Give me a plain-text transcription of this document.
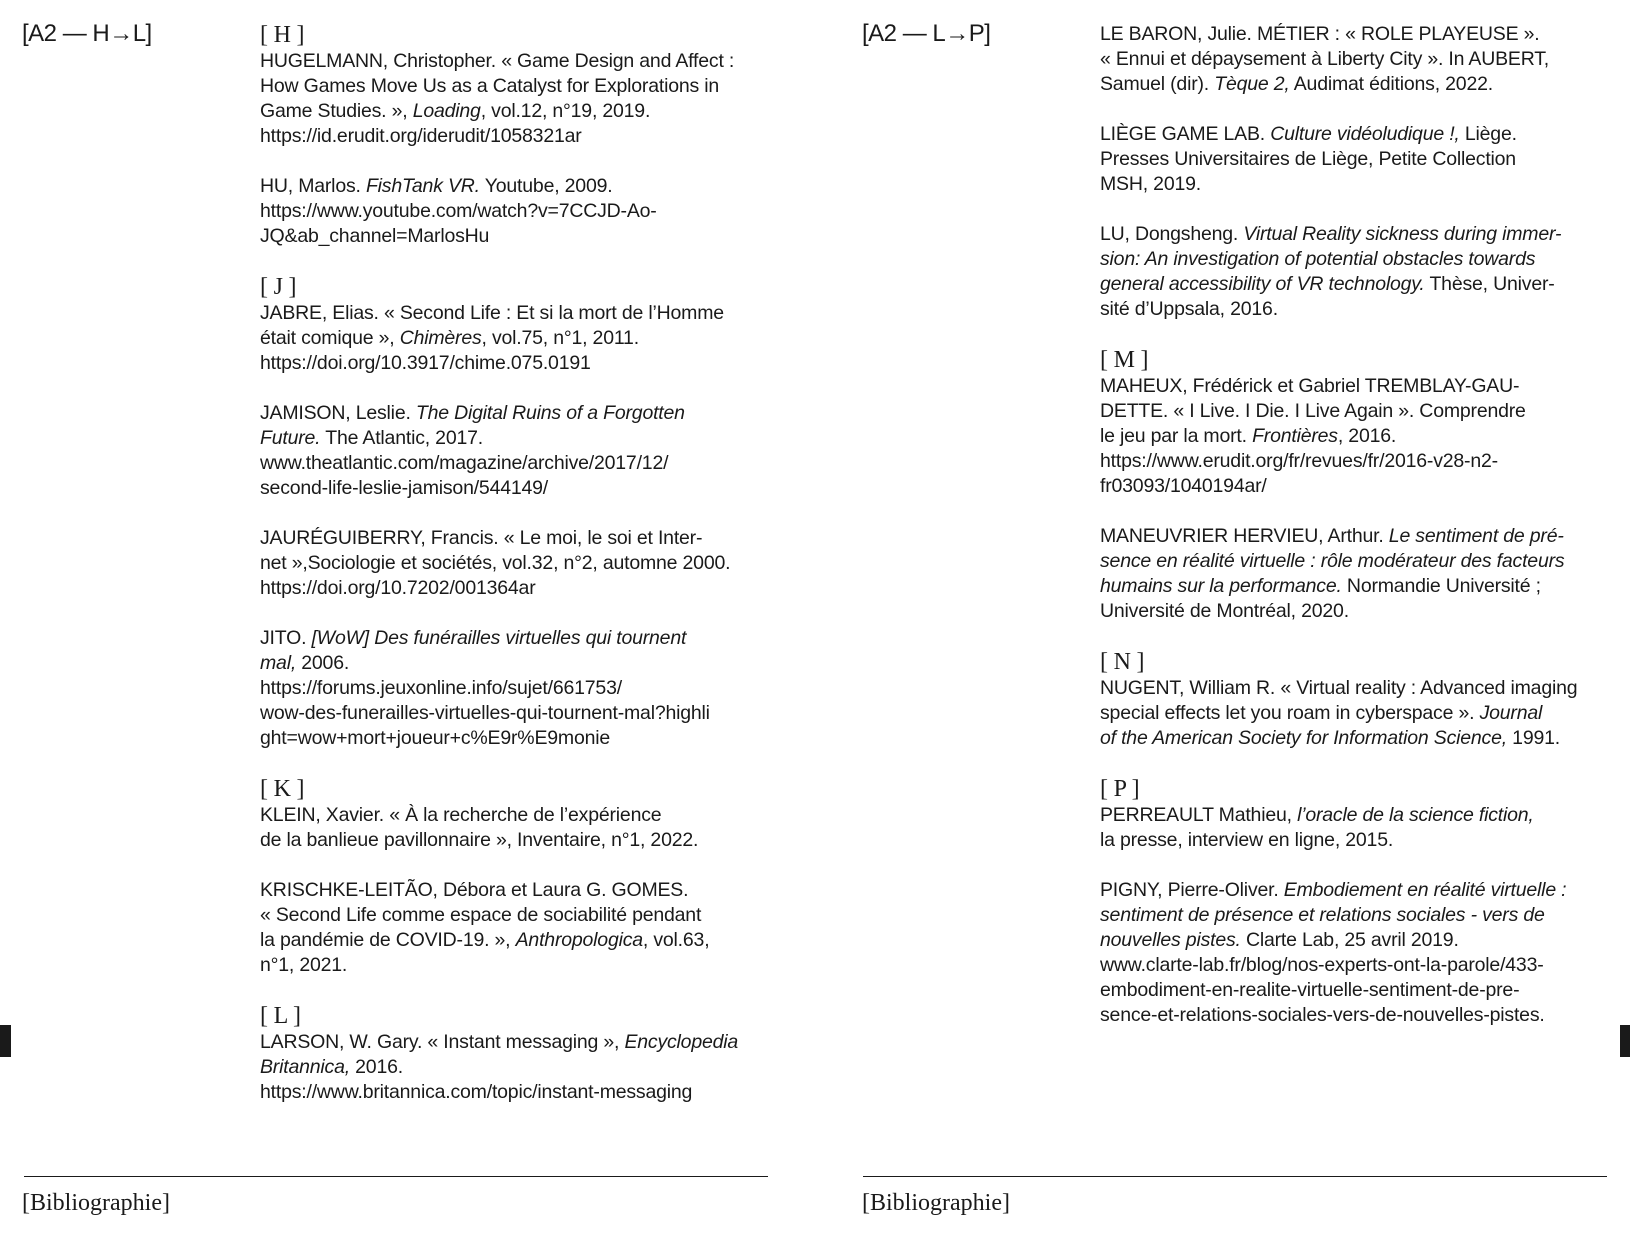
[A2 — H→L]	[ H ]
HUGELMANN, Christopher. « Game Design and Affect :
How Games Move Us as a Catalyst for Explorations in
Game Studies. », Loading, vol.12, n°19, 2019.
https://id.erudit.org/iderudit/1058321ar
HU, Marlos. FishTank VR. Youtube, 2009.
https://www.youtube.com/watch?v=7CCJD-Ao-
JQ&ab_channel=MarlosHu
[ J ]
JABRE, Elias. « Second Life : Et si la mort de l’Homme
était comique », Chimères, vol.75, n°1, 2011.
https://doi.org/10.3917/chime.075.0191
JAMISON, Leslie. The Digital Ruins of a Forgotten
Future. The Atlantic, 2017.
www.theatlantic.com/magazine/archive/2017/12/
second-life-leslie-jamison/544149/
JAURÉGUIBERRY, Francis. « Le moi, le soi et Inter-
net »,Sociologie et sociétés, vol.32, n°2, automne 2000.
https://doi.org/10.7202/001364ar
JITO. [WoW] Des funérailles virtuelles qui tournent
mal, 2006.
https://forums.jeuxonline.info/sujet/661753/
wow-des-funerailles-virtuelles-qui-tournent-mal?highli
ght=wow+mort+joueur+c%E9r%E9monie
[ K ]
KLEIN, Xavier. « À la recherche de l’expérience
de la banlieue pavillonnaire », Inventaire, n°1, 2022.
KRISCHKE-LEITÃO, Débora et Laura G. GOMES.
« Second Life comme espace de sociabilité pendant
la pandémie de COVID-19. », Anthropologica, vol.63,
n°1, 2021.
[ L ]
LARSON, W. Gary. « Instant messaging », Encyclopedia
Britannica, 2016.
https://www.britannica.com/topic/instant-messaging
[Bibliographie]
[A2 — L→P]	LE BARON, Julie. MÉTIER : « ROLE PLAYEUSE ».
« Ennui et dépaysement à Liberty City ». In AUBERT,
Samuel (dir). Tèque 2, Audimat éditions, 2022.
LIÈGE GAME LAB. Culture vidéoludique !, Liège.
Presses Universitaires de Liège, Petite Collection
MSH, 2019.
LU, Dongsheng. Virtual Reality sickness during immer-
sion: An investigation of potential obstacles towards
general accessibility of VR technology. Thèse, Univer-
sité d’Uppsala, 2016.
[ M ]
MAHEUX, Frédérick et Gabriel TREMBLAY-GAU-
DETTE. « I Live. I Die. I Live Again ». Comprendre
le jeu par la mort. Frontières, 2016.
https://www.erudit.org/fr/revues/fr/2016-v28-n2-
fr03093/1040194ar/
MANEUVRIER HERVIEU, Arthur. Le sentiment de pré-
sence en réalité virtuelle : rôle modérateur des facteurs
humains sur la performance. Normandie Université ;
Université de Montréal, 2020.
[ N ]
NUGENT, William R. « Virtual reality : Advanced imaging
special effects let you roam in cyberspace ». Journal
of the American Society for Information Science, 1991.
[ P ]
PERREAULT Mathieu, l’oracle de la science fiction,
la presse, interview en ligne, 2015.
PIGNY, Pierre-Oliver. Embodiement en réalité virtuelle :
sentiment de présence et relations sociales - vers de
nouvelles pistes. Clarte Lab, 25 avril 2019.
www.clarte-lab.fr/blog/nos-experts-ont-la-parole/433-
embodiment-en-realite-virtuelle-sentiment-de-pre-
sence-et-relations-sociales-vers-de-nouvelles-pistes.
[Bibliographie]
